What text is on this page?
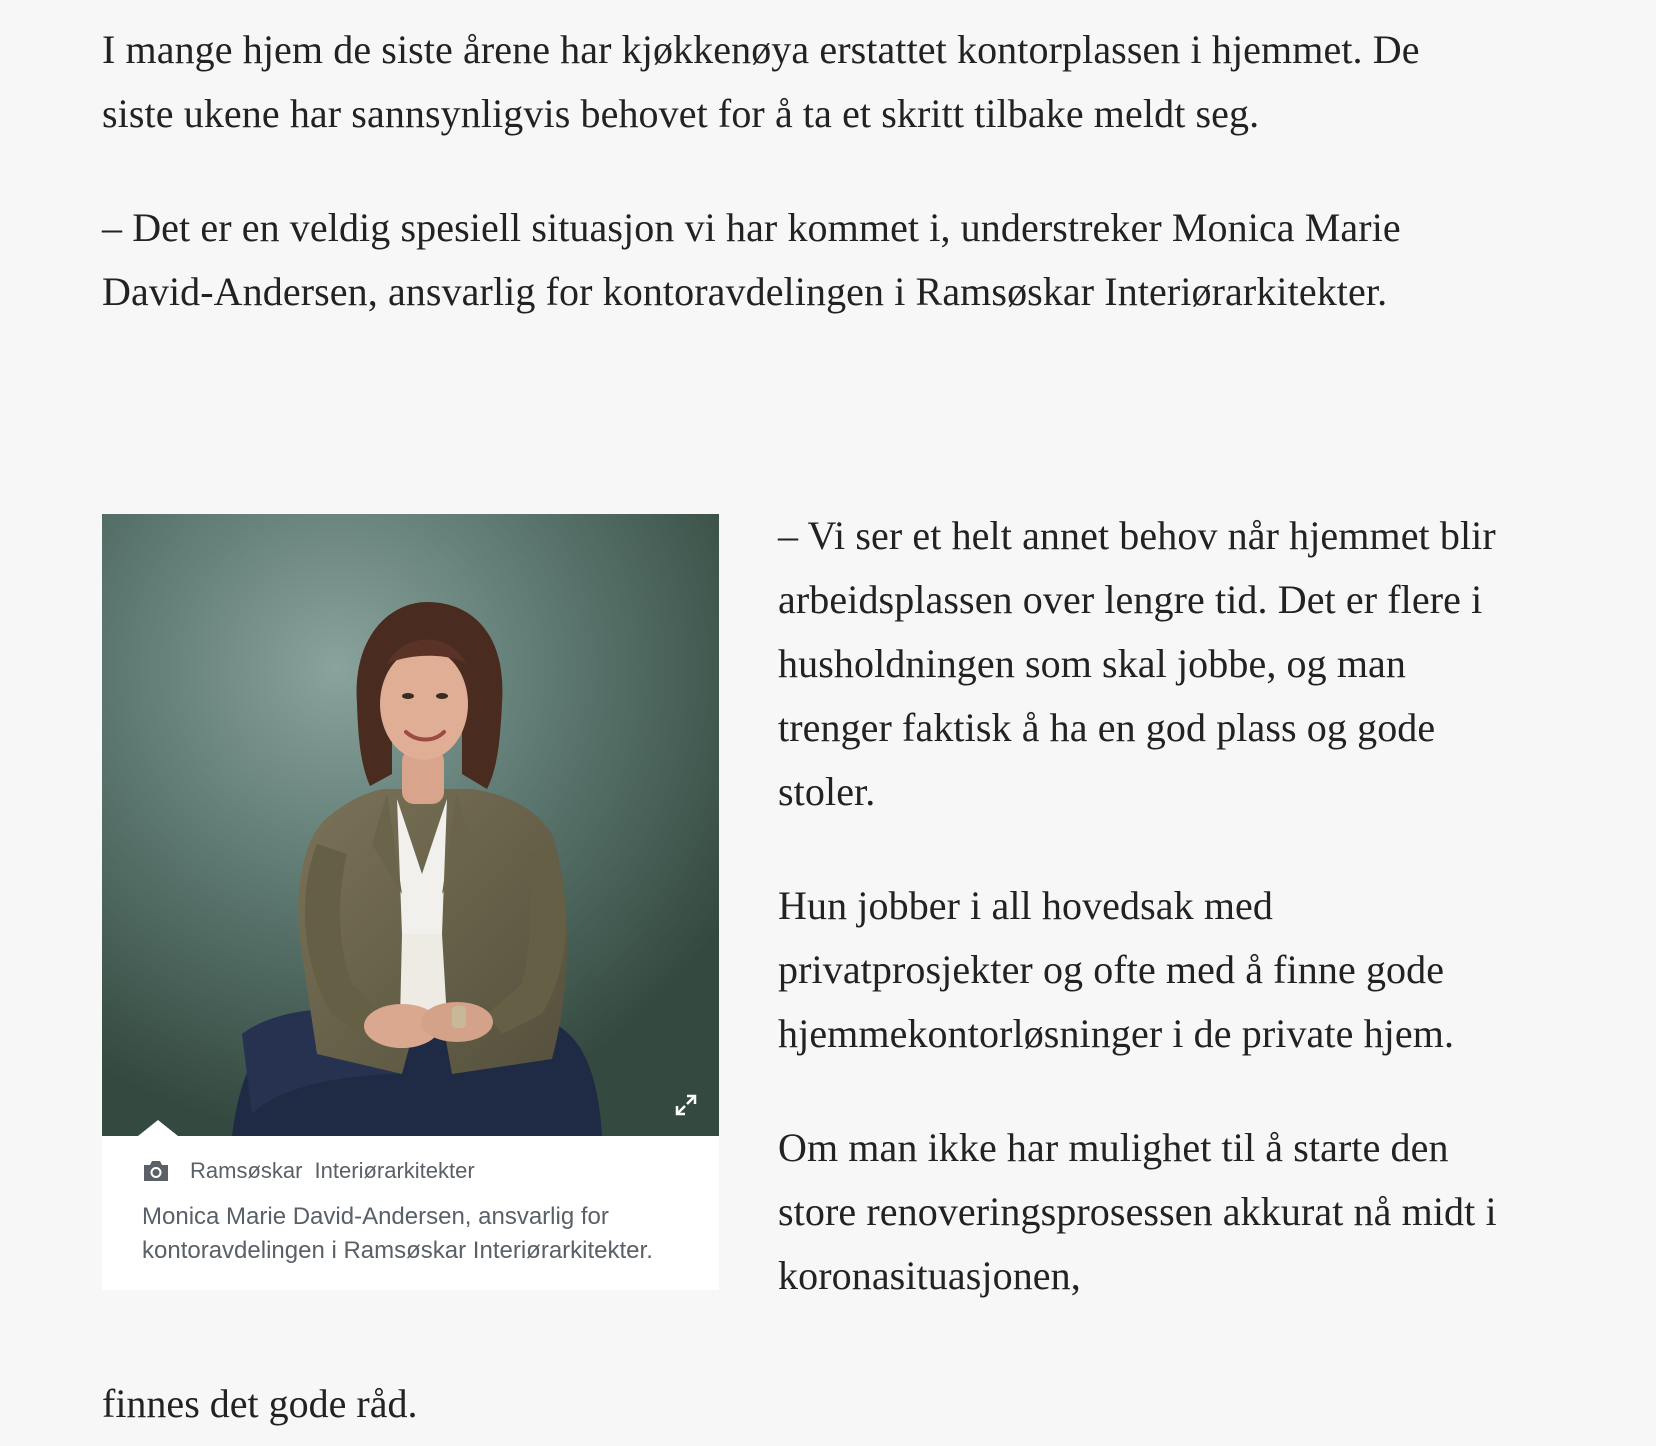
I mange hjem de siste årene har kjøkkenøya erstattet kontorplassen i hjemmet. De siste ukene har sannsynligvis behovet for å ta et skritt tilbake meldt seg.

– Det er en veldig spesiell situasjon vi har kommet i, understreker Monica Marie David-Andersen, ansvarlig for kontoravdelingen i Ramsøskar Interiørarkitekter.

Ramsøskar Interiørarkitekter
Monica Marie David-Andersen, ansvarlig for kontoravdelingen i Ramsøskar Interiørarkitekter.

– Vi ser et helt annet behov når hjemmet blir arbeidsplassen over lengre tid. Det er flere i husholdningen som skal jobbe, og man trenger faktisk å ha en god plass og gode stoler.

Hun jobber i all hovedsak med privatprosjekter og ofte med å finne gode hjemmekontorløsninger i de private hjem.

Om man ikke har mulighet til å starte den store renoveringsprosessen akkurat nå midt i koronasituasjonen,

finnes det gode råd.
